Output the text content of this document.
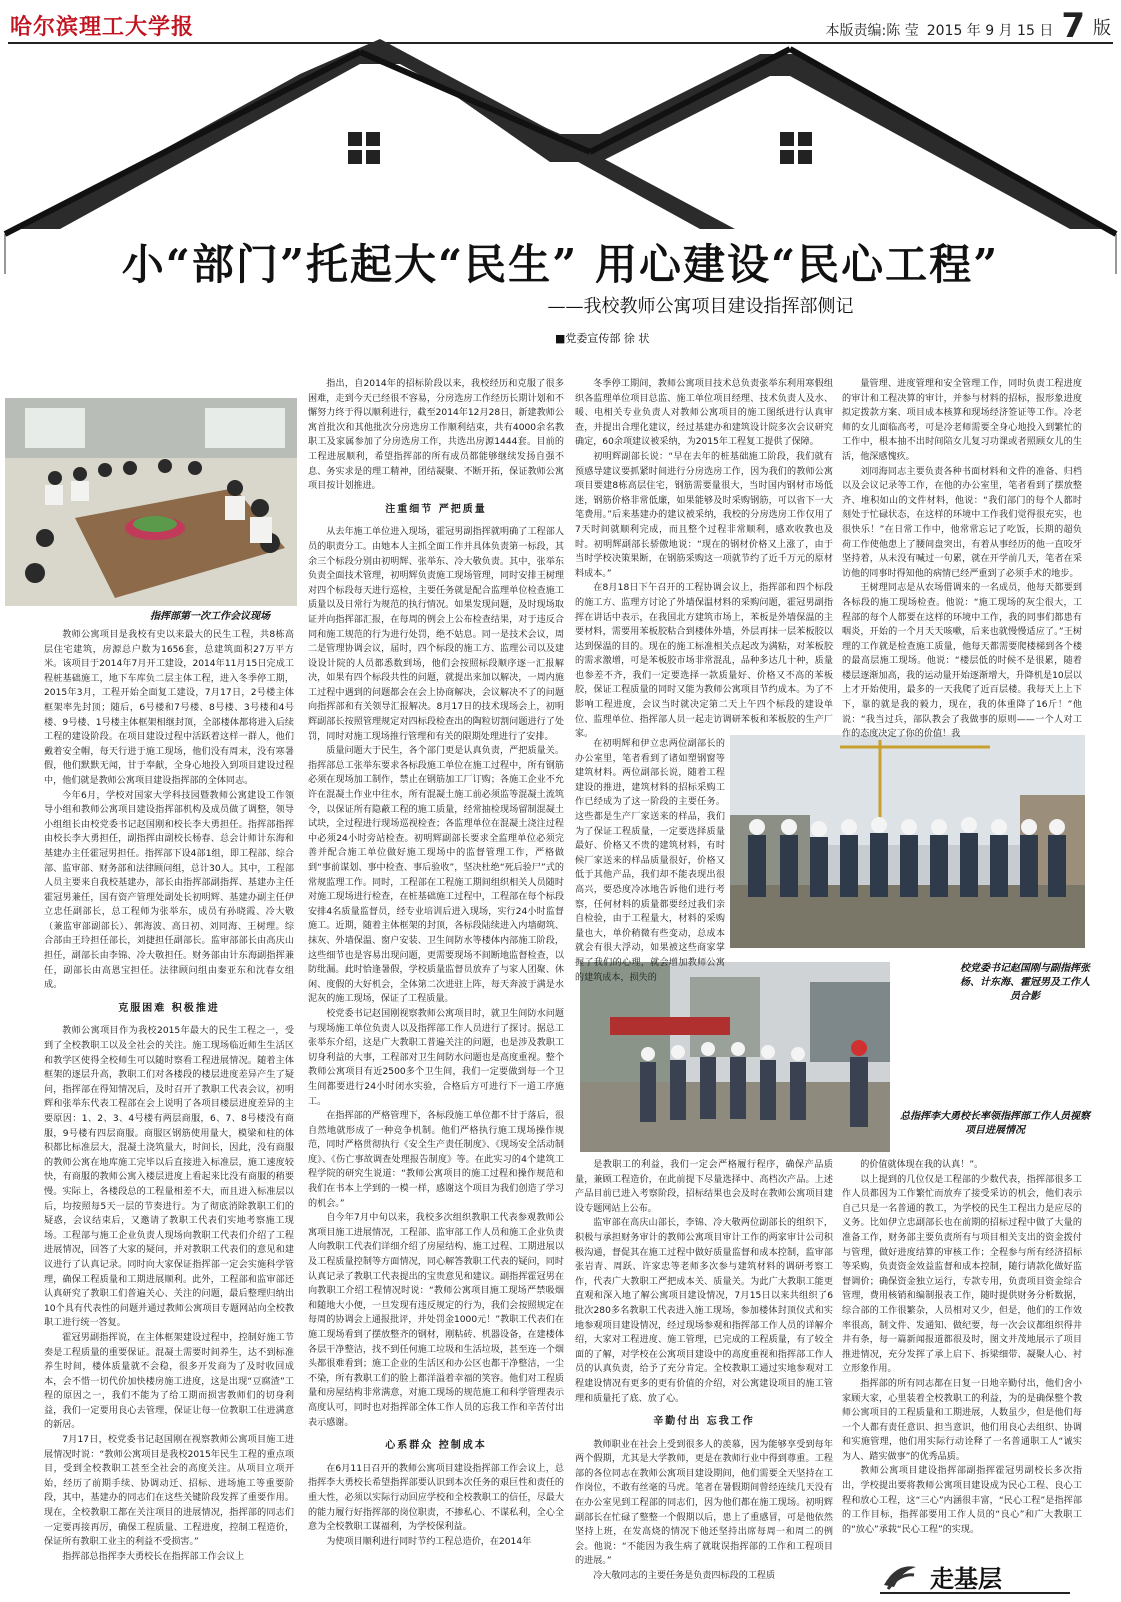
哈尔滨理工大学报	本版责编:陈 莹 2015 年 9 月 15 日 7 版
小“部门”托起大“民生” 用心建设“民心工程”
——我校教师公寓项目建设指挥部侧记
■党委宣传部 徐 状
指挥部第一次工作会议现场
校党委书记赵国刚与副指挥张杨、计东海、霍冠男及工作人员合影
总指挥李大勇校长率领指挥部工作人员视察项目进展情况

教师公寓项目是我校有史以来最大的民生工程，共8栋高层住宅建筑，房源总户数为1656套，总建筑面积27万平方米。该项目于2014年7月开工建设，2014年11月15日完成工程桩基础施工，地下车库负二层主体工程，进入冬季停工期，2015年3月，工程开始全面复工建设，7月17日，2号楼主体框架率先封顶；随后，6号楼和7号楼、8号楼、3号楼和4号楼、9号楼、1号楼主体框架相继封顶，全部楼体都将进入后续工程的建设阶段。在项目建设过程中活跃着这样一群人，他们戴着安全帽，每天行进于施工现场，他们没有周末，没有寒暑假，他们默默无闻，甘于奉献，全身心地投入到项目建设过程中，他们就是教师公寓项目建设指挥部的全体同志。

今年6月，学校对国家大学科技园暨教师公寓建设工作领导小组和教师公寓项目建设指挥部机构及成员做了调整，领导小组组长由校党委书记赵国刚和校长李大勇担任。指挥部指挥由校长李大勇担任，副指挥由副校长杨春、总会计师计东海和基建办主任霍冠男担任。指挥部下设4部1组，即工程部、综合部、监审部、财务部和法律顾问组，总计30人。其中，工程部人员主要来自我校基建办，部长由指挥部副指挥、基建办主任霍冠男兼任，国有资产管理处副处长初明辉、基建办副主任伊立忠任副部长，总工程师为张举东，成员有孙晓霞、冷大敬（兼监审部副部长）、郭海波、高日初、刘同海、王树理。综合部由王玲担任部长，刘捷担任副部长。监审部部长由高庆山担任，副部长由李锦、冷大敬担任。财务部由计东海副指挥兼任，副部长由高恩宝担任。法律顾问组由秦亚东和沈春女组成。

克服困难 积极推进

教师公寓项目作为我校2015年最大的民生工程之一，受到了全校教职工以及全社会的关注。施工现场临近师生生活区和教学区使得全校师生可以随时察看工程进展情况。随着主体框架的逐层升高，教职工们对各楼段的楼层进度差异产生了疑问，指挥部在得知情况后，及时召开了教职工代表会议，初明辉和张举东代表工程部在会上说明了各项目楼层进度差异的主要原因：1、2、3、4号楼有两层商服，6、7、8号楼没有商服，9号楼有四层商服。商服区钢筋使用量大，模梁和柱的体积都比标准层大，混凝土浇筑量大，时间长，因此，没有商服的教师公寓在地库施工完毕以后直接进入标准层，施工速度较快，有商服的教师公寓入楼层进度上看起来比没有商服的稍要慢。实际上，各楼段总的工程量相差不大，而且进入标准层以后，均按照每5天一层的节奏进行。为了彻底消除教职工们的疑惑，会议结束后，又邀请了教职工代表们实地考察施工现场。工程部与施工企业负责人现场向教职工代表们介绍了工程进展情况，回答了大家的疑问，并对教职工代表们的意见和建议进行了认真记录。同时向大家保证指挥部一定会实施科学管理，确保工程质量和工期进展顺利。此外，工程部和监审部还认真研究了教职工们普遍关心、关注的问题，最后整理归纳出10个具有代表性的问题并通过教师公寓项目专题网站向全校教职工进行统一答复。

霍冠男副指挥说，在主体框架建设过程中，控制好施工节奏是工程质量的重要保证。混凝土需要时间养生，达不到标准养生时间，楼体质量就不会稳，很多开发商为了及时收回成本，会不惜一切代价加快楼房施工进度，这是出现“豆腐渣”工程的原因之一，我们不能为了给工期而损害教师们的切身利益，我们一定要用良心去管理，保证让每一位教职工住进满意的新居。

7月17日，校党委书记赵国刚在视察教师公寓项目施工进展情况时说：“教师公寓项目是我校2015年民生工程的重点项目，受到全校教职工甚至全社会的高度关注。从项目立项开始，经历了前期手续、协调动迁、招标、进场施工等重要阶段，其中，基建办的同志们在这些关键阶段发挥了重要作用。现在，全校教职工都在关注项目的进展情况，指挥部的同志们一定要再接再厉，确保工程质量、工程进度，控制工程造价，保证所有教职工业主的利益不受损害。”

指挥部总指挥李大勇校长在指挥部工作会议上

指出，自2014年的招标阶段以来，我校经历和克服了很多困难，走到今天已经很不容易，分房选房工作经历长期计划和不懈努力终于得以顺利进行，截至2014年12月28日，新建教师公寓首批次和其他批次分房选房工作顺利结束，共有4000余名教职工及家属参加了分房选房工作，共选出房源1444套。目前的工程进展顺利，希望指挥部的所有成员都能够继续发扬自强不息、务实求是的理工精神，团结凝聚、不断开拓，保证教师公寓项目按计划推进。

注重细节 严把质量

从去年施工单位进入现场，霍冠男副指挥就明确了工程部人员的职责分工。由她本人主抓全面工作并具体负责第一标段，其余三个标段分别由初明辉、张举东、冷大敬负责。其中，张举东负责全面技术管理，初明辉负责施工现场管理，同时安排王树理对四个标段每天进行巡检，主要任务就是配合监理单位检查施工质量以及日常行为规范的执行情况。如果发现问题，及时现场取证并向指挥部汇报，在每周的例会上公布检查结果，对于违反合同和施工规范的行为进行处罚，绝不姑息。同一是技术会议，周二是管理协调会议，届时，四个标段的施工方、监理公司以及建设设计院的人员都悉数到场，他们会按照标段顺序逐一汇报解决，如果有四个标段共性的问题，就提出来加以解决，一周内施工过程中遇到的问题都会在会上协商解决，会议解决不了的问题向指挥部和有关领导汇报解决。8月17日的技术现场会上，初明辉副部长按照管理规定对四标段检查出的陶粒切割问题进行了处罚，同时对施工现场推行管理和有关的限期处理进行了安排。

质量问题大于民生，各个部门更是认真负责，严把质量关。指挥部总工张举东要求各标段施工单位在施工过程中，所有钢筋必须在现场加工制作，禁止在钢筋加工厂订购；各施工企业不允许在混凝土作业中往水，所有混凝土施工前必须监等混凝土流筑令，以保证所有隐蔽工程的施工质量，经常抽检现场留制混凝土试块，全过程进行现场巡视检查；各监理单位在混凝土浇注过程中必须24小时旁站检查。初明辉副部长要求全监理单位必须完善并配合施工单位做好施工现场中的监督管理工作，严格做到“事前谋划、事中检查、事后验收”，坚决杜绝“死后验尸”式的常规监理工作。同时，工程部在工程施工期间组织相关人员随时对施工现场进行检查，在桩基础施工过程中，工程部在每个标段安排4名质量监督员，经专业培训后进入现场，实行24小时监督施工。近期，随着主体框架的封顶，各标段陆续进入内墙砌筑、抹灰、外墙保温、窗户安装、卫生间防水等楼体内部施工阶段，这些细节也是容易出现问题，更需要现场不间断地监督检查，以防纰漏。此时恰逢暑假，学校质量监督员放弃了与家人团聚、休闲、度假的大好机会，全体第二次进驻上阵，每天奔波于满是水泥灰的施工现场，保证了工程质量。

校党委书记赵国刚视察教师公寓项目时，就卫生间防水问题与现场施工单位负责人以及指挥部工作人员进行了探讨。据总工张举东介绍，这是广大教职工普遍关注的问题，也是涉及教职工切身利益的大事，工程部对卫生间防水问题也是高度重视。整个教师公寓项目有近2500多个卫生间，我们一定要做到每一个卫生间都要进行24小时闭水实验，合格后方可进行下一道工序施工。

在指挥部的严格管理下，各标段施工单位都不甘于落后，很自然地就形成了一种竞争机制。他们严格执行施工现场操作规范，同时严格贯彻执行《安全生产责任制度》、《现场安全活动制度》、《伤亡事故调查处理报告制度》等。在此实习的4个建筑工程学院的研究生说道：“教师公寓项目的施工过程和操作规范和我们在书本上学到的一模一样，感谢这个项目为我们创造了学习的机会。”

自今年7月中旬以来，我校多次组织教职工代表参观教师公寓项目施工进展情况，工程部、监审部工作人员和施工企业负责人向教职工代表们详细介绍了房屋结构、施工过程、工期进展以及工程质量控制等方面情况，同心解答教职工代表的疑问，同时认真记录了教职工代表提出的宝贵意见和建议。副指挥霍冠男在向教职工介绍工程情况时说：“教师公寓项目施工现场严禁吸烟和随地大小便，一旦发现有违反规定的行为，我们会按照规定在每周的协调会上通报批评，并处罚金1000元！”教职工代表们在施工现场看到了摆放整齐的钢材，刚粘砖、机器设备，在建楼体各层干净整洁，找不到任何施工垃圾和生活垃圾，甚至连一个烟头都很难看到；施工企业的生活区和办公区也都干净整洁，一尘不染，所有教职工们的脸上都洋溢着幸福的笑容。他们对工程质量和房屋结构非常满意，对施工现场的规范施工和科学管理表示高度认可，同时也对指挥部全体工作人员的忘我工作和辛苦付出表示感谢。

心系群众 控制成本

在6月11日召开的教师公寓项目建设指挥部工作会议上，总指挥李大勇校长希望指挥部要认识到本次任务的艰巨性和责任的重大性，必须以实际行动回应学校和全校教职工的信任，尽最大的能力履行好指挥部的岗位职责，不掺私心、不谋私利，全心全意为全校教职工谋福利，为学校保利益。

为使项目顺利进行同时节约工程总造价，在2014年

冬季停工期间，教师公寓项目技术总负责张举东利用寒假组织各监理单位项目总监、施工单位项目经理、技术负责人及水、暖、电相关专业负责人对教师公寓项目的施工图纸进行认真审查，并提出合理化建议，经过基建办和建筑设计院多次会议研究确定，60余项建议被采纳，为2015年工程复工提供了保障。

初明辉副部长说：“早在去年的桩基础施工阶段，我们就有预感导建议要抓紧时间进行分房选房工作，因为我们的教师公寓项目要建8栋高层住宅，钢筋需要量很大，当时国内钢材市场低迷，钢筋价格非常低廉，如果能够及时采购钢筋，可以省下一大笔费用。”后来基建办的建议被采纳，我校的分房选房工作仅用了7天时间就顺利完成，而且整个过程非常顺利，感欢收教也及时。初明辉副部长骄傲地说：“现在的钢材价格又上涨了，由于当时学校决策果断，在钢筋采购这一项就节约了近千万元的原材料成本。”

在8月18日下午召开的工程协调会议上，指挥部和四个标段的施工方、监理方讨论了外墙保温材料的采购问题，霍冠男副指挥在讲话中表示，在我国北方建筑市场上，苯板是外墙保温的主要材料，需要用苯板胶粘合到楼体外墙，外层再抹一层苯板胶以达到保温的目的。现在的施工标准相关点起改为满粘，对苯板胶的需求激增，可是苯板胶市场非常混乱，品种多达几十种，质量也参差不齐，我们一定要选择一款质量好、价格又不高的苯板胶，保证工程质量的同时又能为教师公寓项目节约成本。为了不影响工程进度，会议当时就决定第二天上午四个标段的建设单位、监理单位、指挥部人员一起走访调研苯板和苯板胶的生产厂家。

在初明辉和伊立忠两位副部长的办公室里，笔者看到了诸如塑钢窗等建筑材料。两位副部长说，随着工程建设的推进，建筑材料的招标采购工作已经成为了这一阶段的主要任务。这些都是生产厂家送来的样品，我们为了保证工程质量，一定要选择质量最好、价格又不贵的建筑材料，有时候厂家送来的样品质量很好，价格又低于其他产品，我们却不能表现出很高兴，要恐度冷冰地告诉他们进行考察，任何材料的质量都要经过我们亲自检验，由于工程量大，材料的采购量也大，单价稍微有些变动，总成本就会有很大浮动，如果被这些商家掌握了我们的心理，就会增加教师公寓的建筑成本，损失的

是教职工的利益，我们一定会严格履行程序，确保产品质量，兼顾工程造价，在此前提下尽量选择中、高档次产品。上述产品目前已进入考察阶段，招标结果也会及时在教师公寓项目建设专题网站上公布。

监审部在高庆山部长，李锦、冷大敬两位副部长的组织下，积极与承担财务审计的教师公寓项目审计工作的两家审计公司积极沟通，督促其在施工过程中做好质量监督和成本控制，监审部张岩青、周跃、许家忠等老师多次参与建筑材料的调研考察工作，代表广大教职工严把成本关、质量关。为此广大教职工能更直观和深入地了解公寓项目建设情况，7月15日以来共组织了6批次280多名教职工代表进入施工现场，参加楼体封顶仪式和实地参观项目建设情况，经过现场参观和指挥部工作人员的详解介绍，大家对工程进度、施工管理，已完成的工程质量，有了较全面的了解，对学校在公寓项目建设中的高度重视和指挥部工作人员的认真负责，给予了充分肯定。全校教职工通过实地参观对工程建设情况有更多的更有价值的介绍，对公寓建设项目的施工管理和质量托了底、放了心。

辛勤付出 忘我工作

教师职业在社会上受到很多人的羡慕，因为能够享受到每年两个假期，尤其是大学教师，更是在教师行业中得到尊重。工程部的各位同志在教师公寓项目建设期间，他们需要全天坚持在工作岗位，不敢有丝毫的马虎。笔者在暑假期间曾经连续几天没有在办公室见到工程部的同志们，因为他们都在施工现场。初明辉副部长在忙碌了整整一个假期以后，患上了重感冒，可是他依然坚持上班，在发高烧的情况下他还坚持出席每周一和周二的例会。他说：“不能因为我生病了就耽误指挥部的工作和工程项目的进展。”

冷大敬同志的主要任务是负责四标段的工程质

量管理、进度管理和安全管理工作，同时负责工程进度的审计和工程决算的审计，并参与材料的招标，报形象进度拟定拨款方案、项目成本核算和现场经济签证等工作。冷老师的女儿面临高考，可是冷老师需要全身心地投入到繁忙的工作中，根本抽不出时间陪女儿复习功课或者照顾女儿的生活，他深感愧疚。

刘同海同志主要负责各种书面材料和文件的准备、归档以及会议记录等工作，在他的办公室里，笔者看到了摆放整齐、堆积如山的文件材料，他说：“我们部门的每个人都时刻处于忙碌状态，在这样的环境中工作我们觉得很充实，也很快乐！”在日常工作中，他常常忘记了吃饭，长期的超负荷工作使他患上了腰间盘突出，有着从事经历的他一直咬牙坚持着，从未没有喊过一句累，就在开学前几天，笔者在采访他的同事时得知他的病情已经严重到了必须手术的地步。

王树理同志是从农场借调来的一名成员，他每天都要到各标段的施工现场检查。他说：“施工现场的灰尘很大，工程部的每个人都要在这样的环境中工作，我的同事们都患有咽炎，开始的一个月天天咳嗽，后来也就慢慢适应了。”王树理的工作就是检查施工质量，他每天都需要爬楼梯到各个楼的最高层施工现场。他说：“楼层低的时候不是很累，随着楼层逐渐加高，我的运动量开始逐渐增大，升降机是10层以上才开始使用，最多的一天我爬了近百层楼。我每天上上下下，靠的就是我的毅力，现在，我的体重降了16斤！”他说：“我当过兵，部队教会了我做事的原则——一个人对工作的态度决定了你的价值！我

的价值就体现在我的认真！”。

以上提到的几位仅是工程部的少数代表，指挥部很多工作人员都因为工作繁忙而放弃了接受采访的机会，他们表示自己只是一名普通的教工，为学校的民生工程出力是应尽的义务。比如伊立忠副部长也在前期的招标过程中做了大量的准备工作，财务部主要负责所有与项目相关支出的资金拨付与管理，做好进度结算的审核工作；全程参与所有经济招标等采购，负责资金效益监督和成本控制，随行请款化做好监督调价；确保资金独立运行，专款专用，负责项目资金综合管理，费用核销和编制报表工作，随时提供财务分析数据，综合部的工作很繁杂，人员相对又少，但是，他们的工作效率很高，制文件、发通知、做纪要，每一次会议都组织得井井有条，每一篇新闻报道都很及时，图文并茂地展示了项目推进情况，充分发挥了承上启下、拆梁细带、凝聚人心、衬立形象作用。

指挥部的所有同志都在日复一日地辛勤付出，他们舍小家顾大家，心里装着全校教职工的利益，为的是确保整个教师公寓项目的工程质量和工期进展，人数虽少，但是他们每一个人都有责任意识、担当意识，他们用良心去组织、协调和实施管理，他们用实际行动诠释了一名普通职工人“诚实为人、踏实做事”的优秀品质。

教师公寓项目建设指挥部副指挥霍冠男副校长多次指出，学校提出要将教师公寓项目建设成为民心工程、良心工程和放心工程，这“三心”内涵很丰富，“民心工程”是指挥部的工作目标，指挥部要用工作人员的“良心”和广大教职工的“放心”承载“民心工程”的实现。

走基层
